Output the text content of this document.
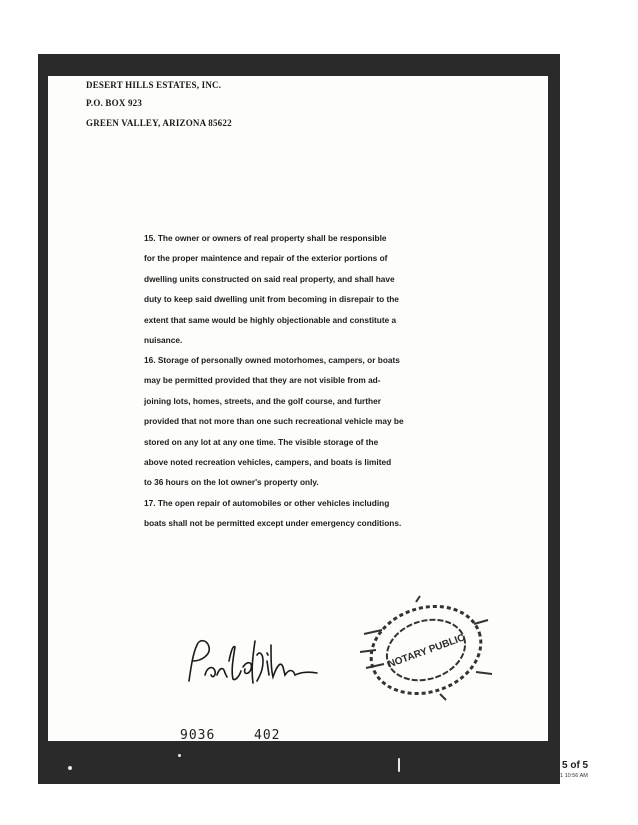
DESERT HILLS ESTATES, INC.
P.O. BOX 923
GREEN VALLEY, ARIZONA 85622
15. The owner or owners of real property shall be responsible
for the proper maintence and repair of the exterior portions of
dwelling units constructed on said real property, and shall have
duty to keep said dwelling unit from becoming in disrepair to the
extent that same would be highly objectionable and constitute a
nuisance.
16. Storage of personally owned motorhomes, campers, or boats
may be permitted provided that they are not visible from ad-
joining lots, homes, streets, and the golf course, and further
provided that not more than one such recreational vehicle may be
stored on any lot at any one time. The visible storage of the
above noted recreation vehicles, campers, and boats is limited
to 36 hours on the lot owner's property only.
17. The open repair of automobiles or other vehicles including
boats shall not be permitted except under emergency conditions.
9036	402
NOTARY PUBLIC
5 of 5
1 10:56 AM
